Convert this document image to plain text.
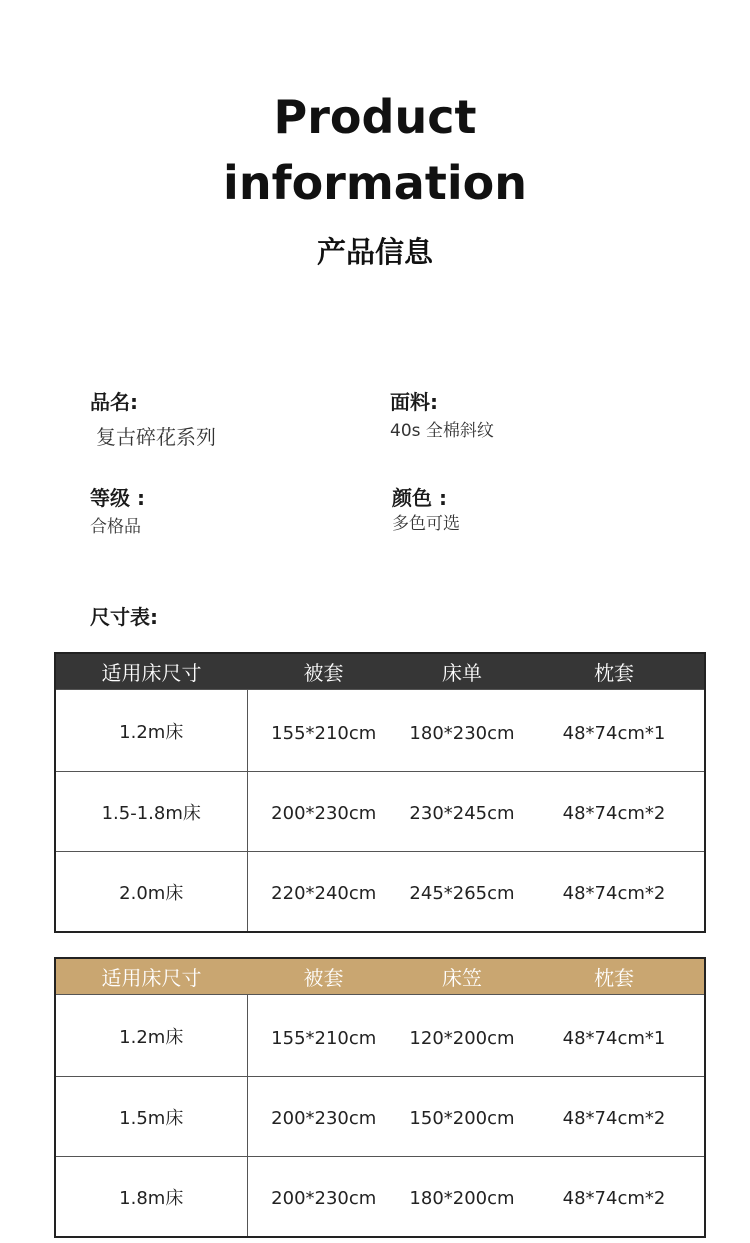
Product
information
产品信息
品名:
复古碎花系列
面料:
40s 全棉斜纹
等级 :
合格品
颜色 :
多色可选
尺寸表:
适用床尺寸	被套	床单	枕套
1.2m床	155*210cm	180*230cm	48*74cm*1
1.5-1.8m床	200*230cm	230*245cm	48*74cm*2
2.0m床	220*240cm	245*265cm	48*74cm*2
适用床尺寸	被套	床笠	枕套
1.2m床	155*210cm	120*200cm	48*74cm*1
1.5m床	200*230cm	150*200cm	48*74cm*2
1.8m床	200*230cm	180*200cm	48*74cm*2
